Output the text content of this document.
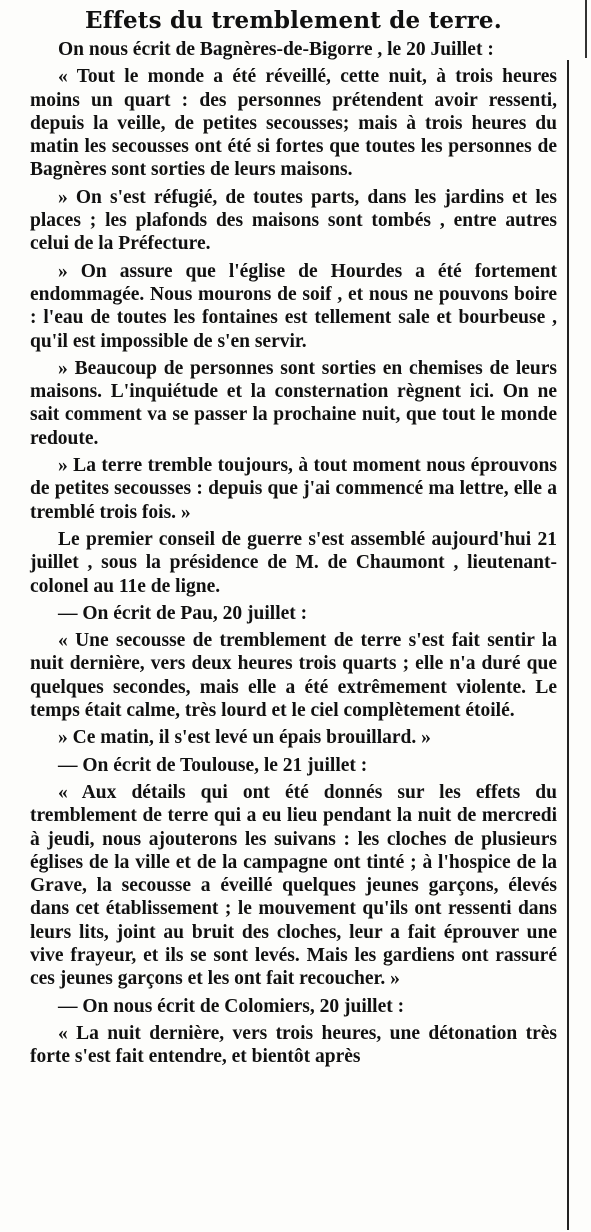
Effets du tremblement de terre.

On nous écrit de Bagnères-de-Bigorre , le 20 Juillet :

« Tout le monde a été réveillé, cette nuit, à trois heures moins un quart : des personnes prétendent avoir ressenti, depuis la veille, de petites secousses; mais à trois heures du matin les secousses ont été si fortes que toutes les personnes de Bagnères sont sorties de leurs maisons.

» On s'est réfugié, de toutes parts, dans les jardins et les places ; les plafonds des maisons sont tombés , entre autres celui de la Préfecture.

» On assure que l'église de Hourdes a été fortement endommagée. Nous mourons de soif , et nous ne pouvons boire : l'eau de toutes les fontaines est tellement sale et bourbeuse , qu'il est impossible de s'en servir.

» Beaucoup de personnes sont sorties en chemises de leurs maisons. L'inquiétude et la consternation règnent ici. On ne sait comment va se passer la prochaine nuit, que tout le monde redoute.

» La terre tremble toujours, à tout moment nous éprouvons de petites secousses : depuis que j'ai commencé ma lettre, elle a tremblé trois fois. »

Le premier conseil de guerre s'est assemblé aujourd'hui 21 juillet , sous la présidence de M. de Chaumont , lieutenant-colonel au 11e de ligne.

— On écrit de Pau, 20 juillet :

« Une secousse de tremblement de terre s'est fait sentir la nuit dernière, vers deux heures trois quarts ; elle n'a duré que quelques secondes, mais elle a été extrêmement violente. Le temps était calme, très lourd et le ciel complètement étoilé.

» Ce matin, il s'est levé un épais brouillard. »

— On écrit de Toulouse, le 21 juillet :

« Aux détails qui ont été donnés sur les effets du tremblement de terre qui a eu lieu pendant la nuit de mercredi à jeudi, nous ajouterons les suivans : les cloches de plusieurs églises de la ville et de la campagne ont tinté ; à l'hospice de la Grave, la secousse a éveillé quelques jeunes garçons, élevés dans cet établissement ; le mouvement qu'ils ont ressenti dans leurs lits, joint au bruit des cloches, leur a fait éprouver une vive frayeur, et ils se sont levés. Mais les gardiens ont rassuré ces jeunes garçons et les ont fait recoucher. »

— On nous écrit de Colomiers, 20 juillet :

« La nuit dernière, vers trois heures, une détonation très forte s'est fait entendre, et bientôt après
